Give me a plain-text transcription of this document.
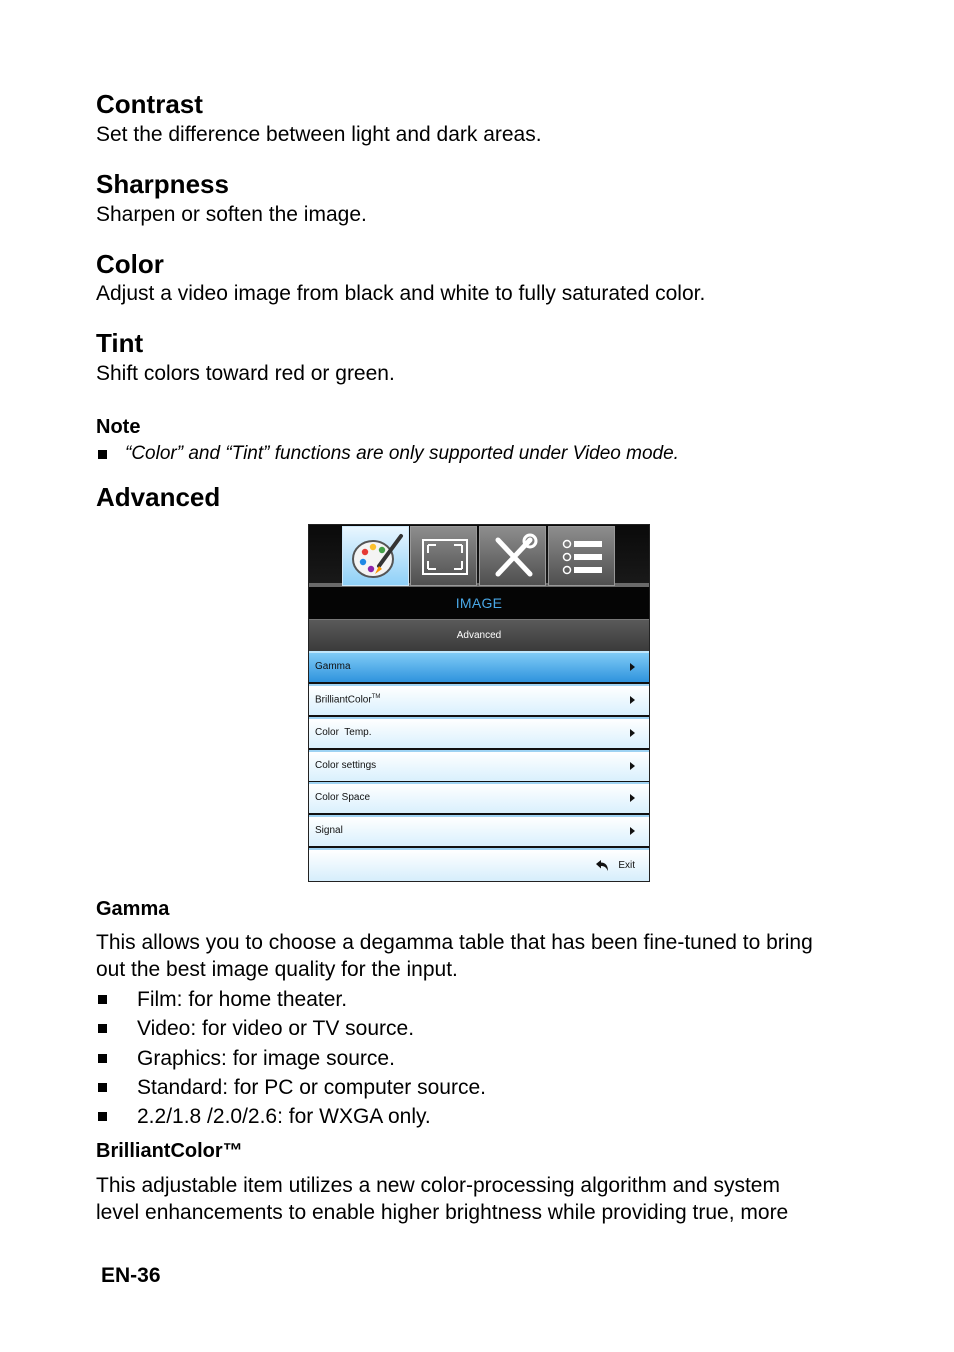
Contrast
Set the difference between light and dark areas.
Sharpness
Sharpen or soften the image.
Color
Adjust a video image from black and white to fully saturated color.
Tint
Shift colors toward red or green.
Note
“Color” and “Tint” functions are only supported under Video mode.
Advanced
IMAGE
Advanced
Gamma
BrilliantColor™
Color  Temp.
Color settings
Color Space
Signal
Exit
Gamma
This allows you to choose a degamma table that has been fine-tuned to bring
out the best image quality for the input.
Film: for home theater.
Video: for video or TV source.
Graphics: for image source.
Standard: for PC or computer source.
2.2/1.8 /2.0/2.6: for WXGA only.
BrilliantColor™
This adjustable item utilizes a new color-processing algorithm and system
level enhancements to enable higher brightness while providing true, more
EN-36
